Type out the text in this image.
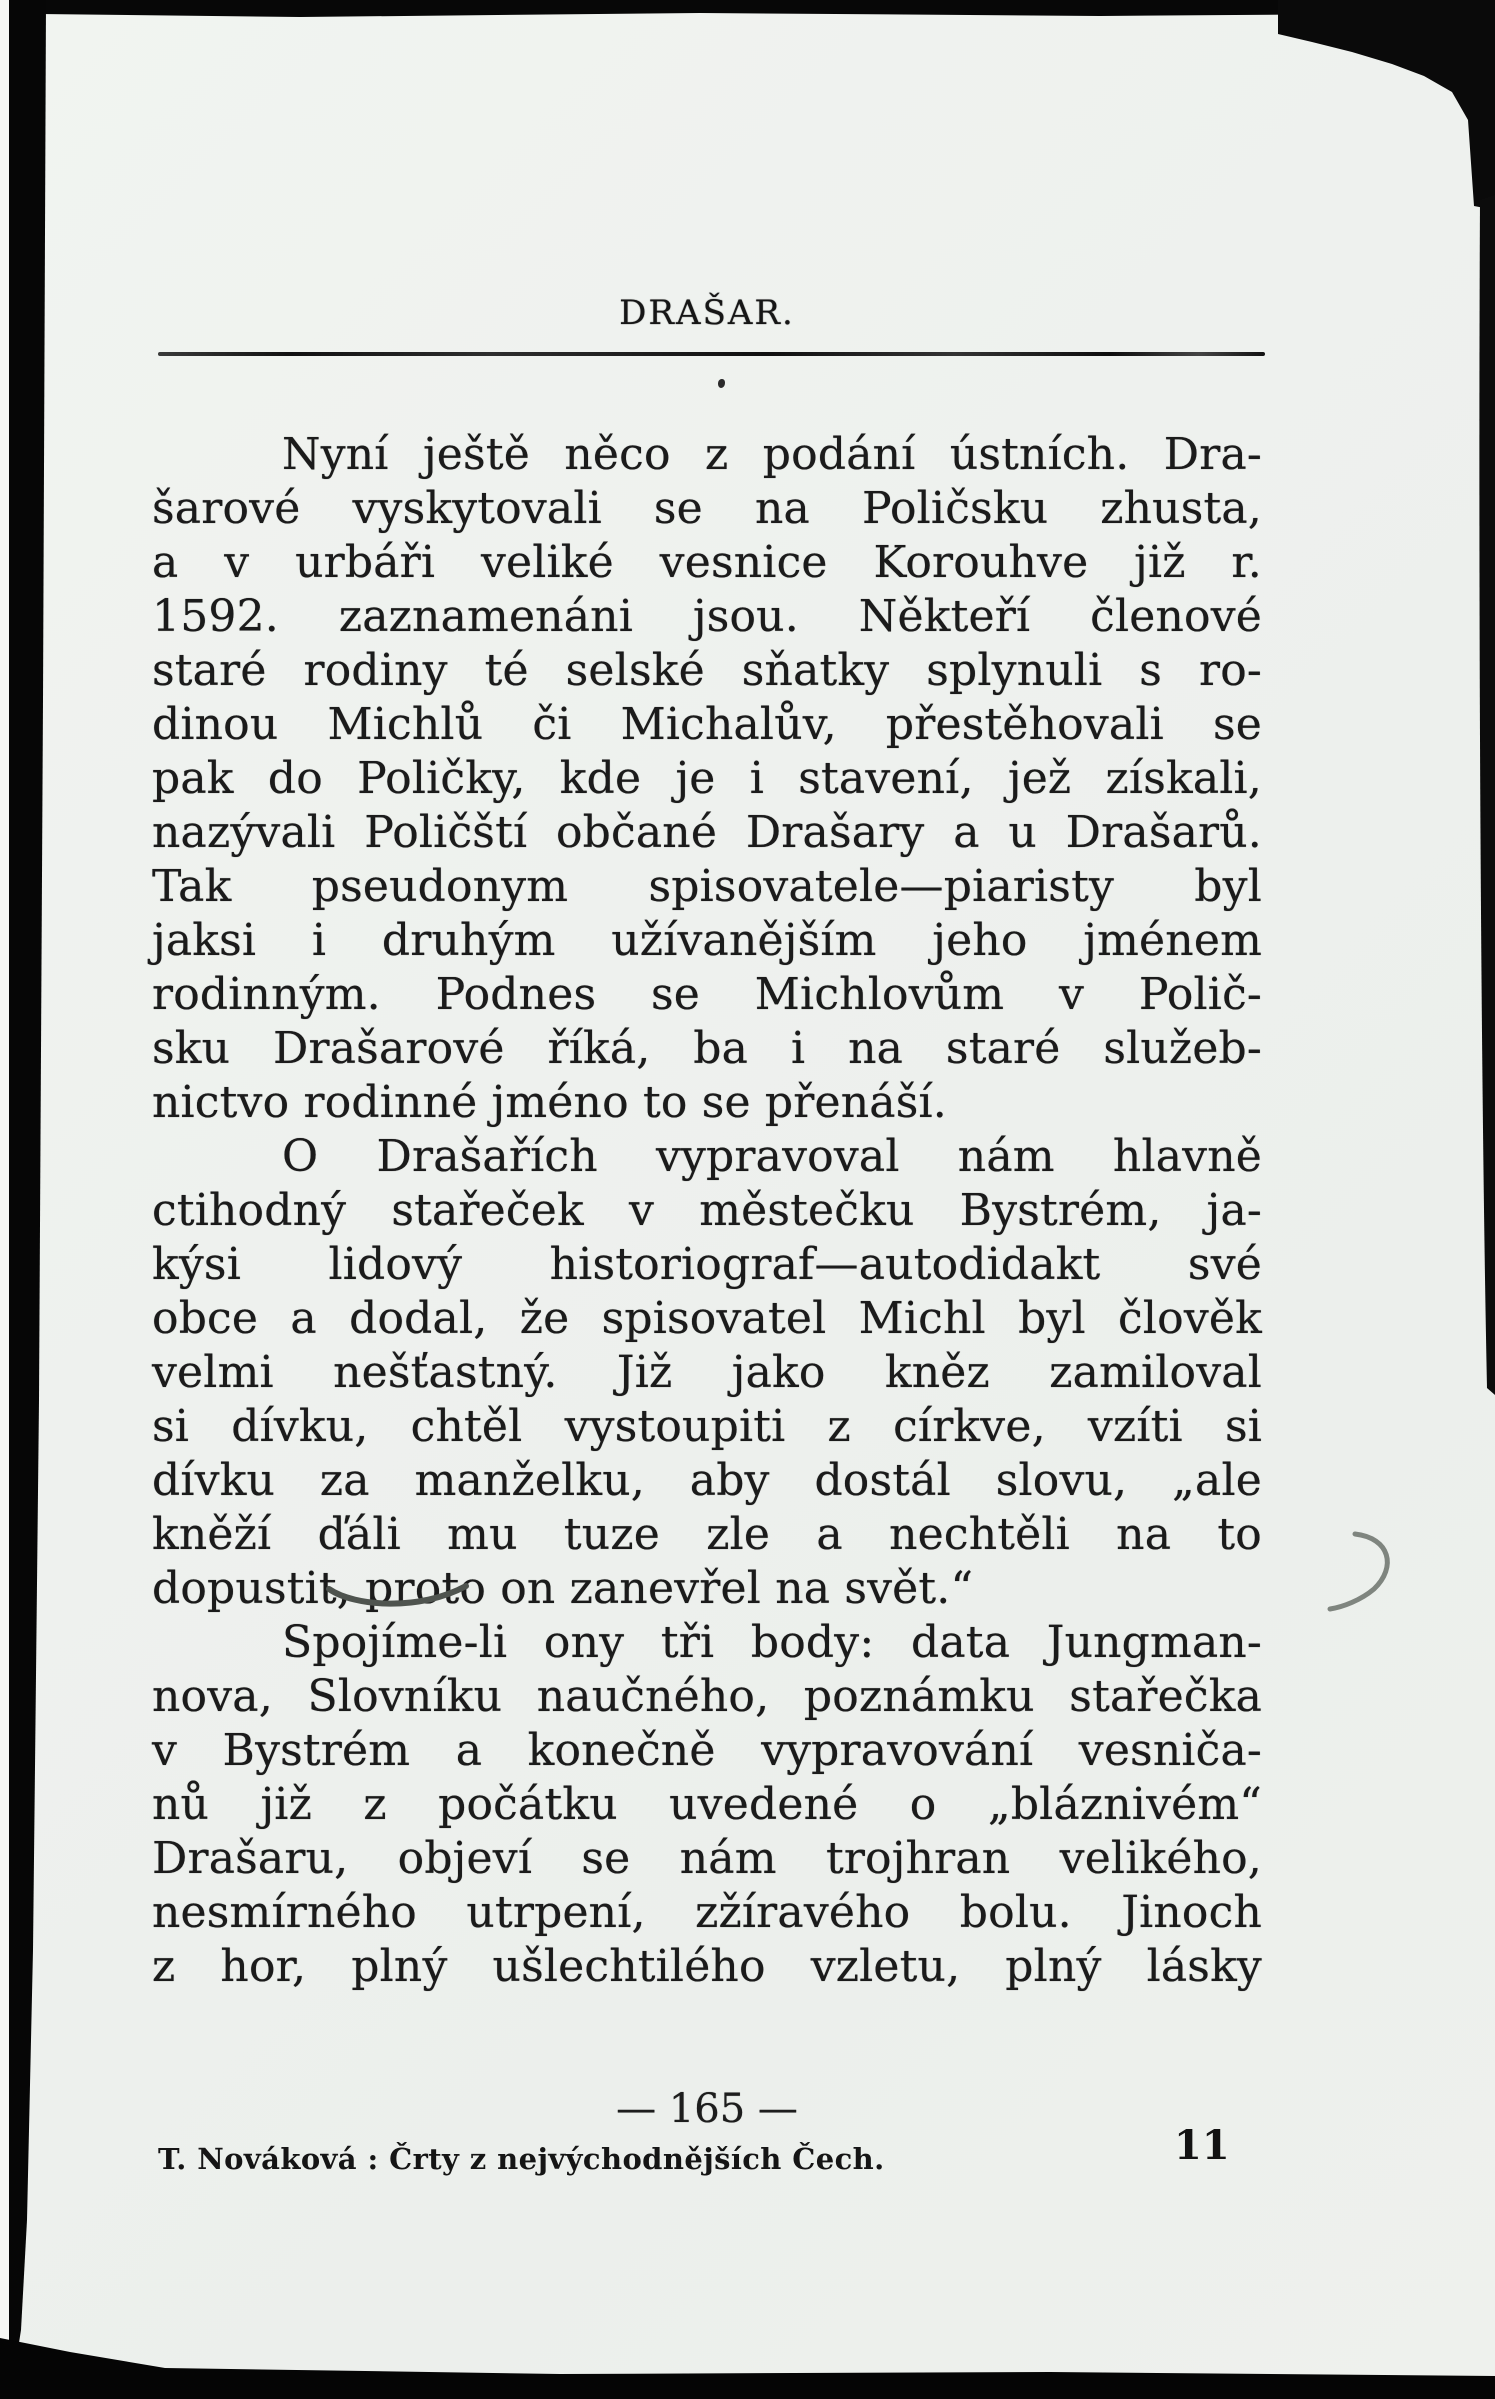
DRAŠAR.
Nyní ještě něco z podání ústních. Dra-
šarové vyskytovali se na Poličsku zhusta,
a v urbáři veliké vesnice Korouhve již r.
1592. zaznamenáni jsou. Někteří členové
staré rodiny té selské sňatky splynuli s ro-
dinou Michlů či Michalův, přestěhovali se
pak do Poličky, kde je i stavení, jež získali,
nazývali Poličští občané Drašary a u Drašarů.
Tak pseudonym spisovatele—piaristy byl
jaksi i druhým užívanějším jeho jménem
rodinným. Podnes se Michlovům v Polič-
sku Drašarové říká, ba i na staré služeb-
nictvo rodinné jméno to se přenáší.
O Drašařích vypravoval nám hlavně
ctihodný stařeček v městečku Bystrém, ja-
kýsi lidový historiograf—autodidakt své
obce a dodal, že spisovatel Michl byl člověk
velmi nešťastný. Již jako kněz zamiloval
si dívku, chtěl vystoupiti z církve, vzíti si
dívku za manželku, aby dostál slovu, „ale
kněží ďáli mu tuze zle a nechtěli na to
dopustit, proto on zanevřel na svět.“
Spojíme-li ony tři body: data Jungman-
nova, Slovníku naučného, poznámku stařečka
v Bystrém a konečně vypravování vesniča-
nů již z počátku uvedené o „bláznivém“
Drašaru, objeví se nám trojhran velikého,
nesmírného utrpení, zžíravého bolu. Jinoch
z hor, plný ušlechtilého vzletu, plný lásky
— 165 —
T. Nováková : Črty z nejvýchodnějších Čech.	11
